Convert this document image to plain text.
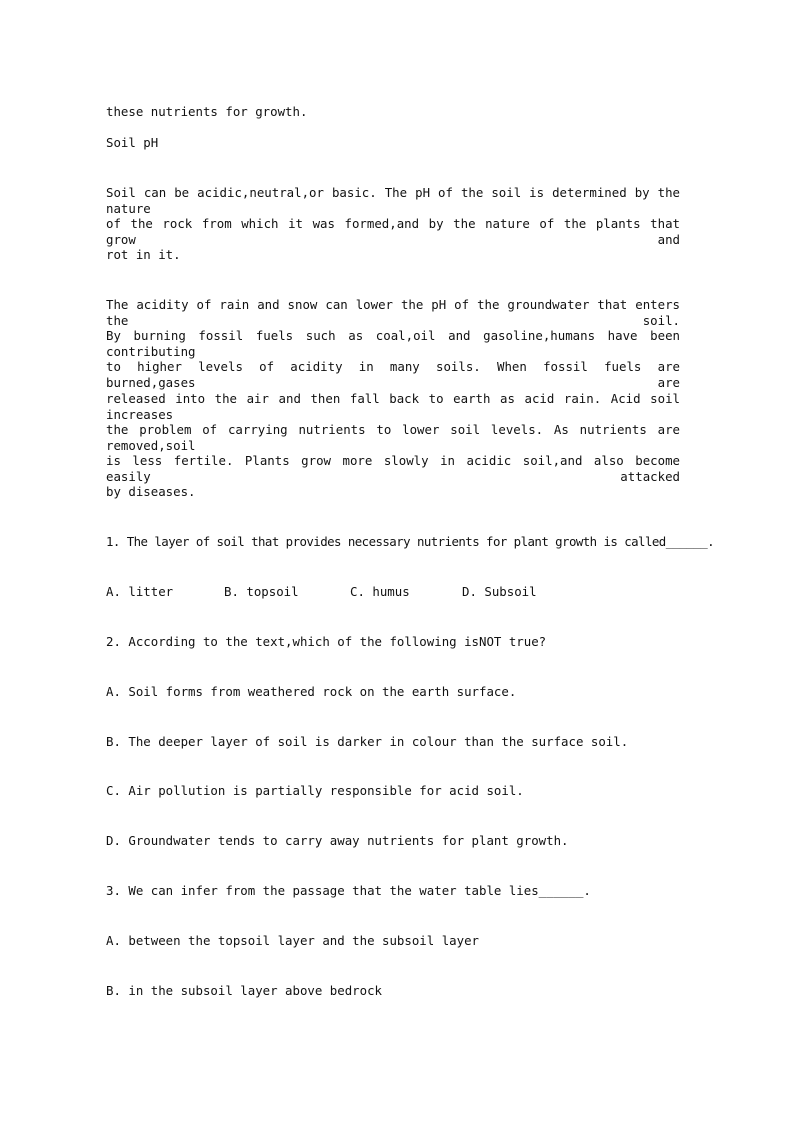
these nutrients for growth.
Soil pH
Soil can be acidic,neutral,or basic. The pH of the soil is determined by the nature
of the rock from which it was formed,and by the nature of the plants that grow and
rot in it.
The acidity of rain and snow can lower the pH of the groundwater that enters the soil.
By burning fossil fuels such as coal,oil and gasoline,humans have been contributing
to higher levels of acidity in many soils. When fossil fuels are burned,gases are
released into the air and then fall back to earth as acid rain. Acid soil increases
the problem of carrying nutrients to lower soil levels. As nutrients are removed,soil
is less fertile. Plants grow more slowly in acidic soil,and also become easily attacked
by diseases.
1. The layer of soil that provides necessary nutrients for plant growth is called______.

A. litter

	B. topsoil

	C. humus

	D. Subsoil

2. According to the text,which of the following isNOT true?
A. Soil forms from weathered rock on the earth surface.
B. The deeper layer of soil is darker in colour than the surface soil.
C. Air pollution is partially responsible for acid soil.
D. Groundwater tends to carry away nutrients for plant growth.
3. We can infer from the passage that the water table lies______.
A. between the topsoil layer and the subsoil layer
B. in the subsoil layer above bedrock
